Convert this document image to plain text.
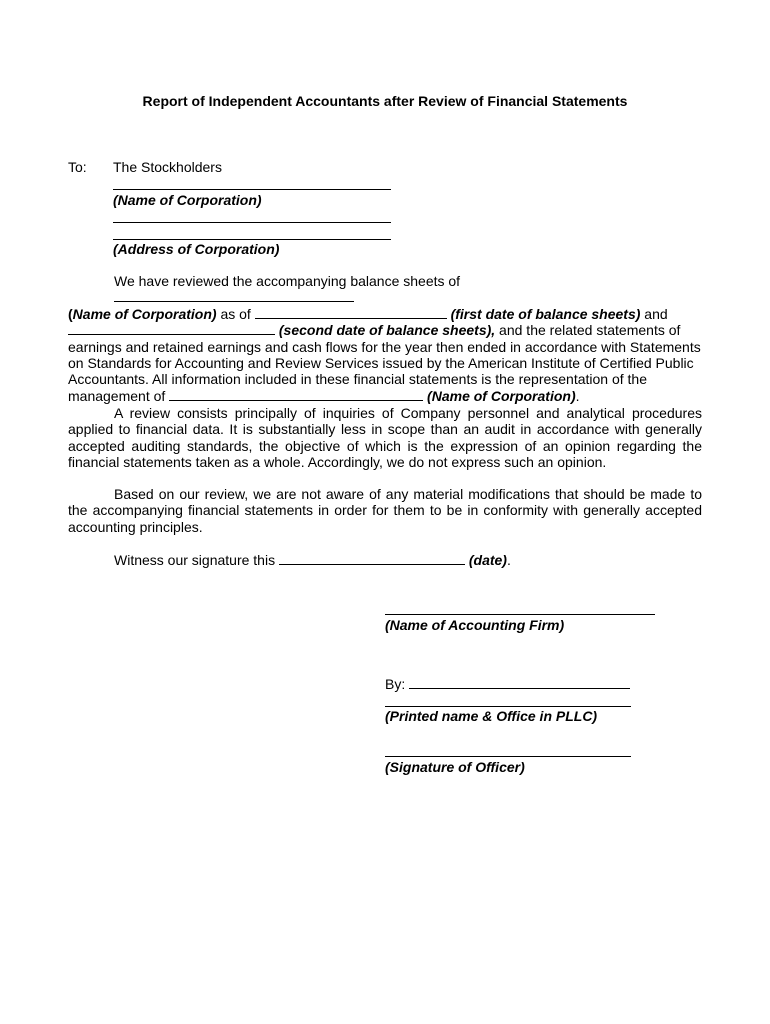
Report of Independent Accountants after Review of Financial Statements
To: The Stockholders
(Name of Corporation)
(Address of Corporation)
We have reviewed the accompanying balance sheets of
(Name of Corporation) as of	(first date of balance sheets) and
(second date of balance sheets), and the related statements of earnings and retained earnings and cash flows for the year then ended in accordance with Statements on Standards for Accounting and Review Services issued by the American Institute of Certified Public Accountants. All information included in these financial statements is the representation of the management of	(Name of Corporation).
A review consists principally of inquiries of Company personnel and analytical procedures applied to financial data. It is substantially less in scope than an audit in accordance with generally accepted auditing standards, the objective of which is the expression of an opinion regarding the financial statements taken as a whole. Accordingly, we do not express such an opinion.
Based on our review, we are not aware of any material modifications that should be made to the accompanying financial statements in order for them to be in conformity with generally accepted accounting principles.
Witness our signature this	(date).
(Name of Accounting Firm)
By:
(Printed name & Office in PLLC)
(Signature of Officer)
